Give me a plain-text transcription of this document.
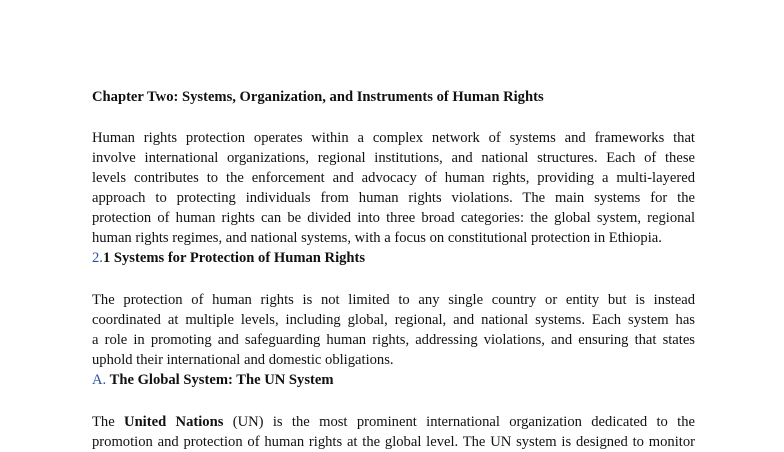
Chapter Two: Systems, Organization, and Instruments of Human Rights
Human rights protection operates within a complex network of systems and frameworks that
involve international organizations, regional institutions, and national structures. Each of these
levels contributes to the enforcement and advocacy of human rights, providing a multi-layered
approach to protecting individuals from human rights violations. The main systems for the
protection of human rights can be divided into three broad categories: the global system, regional
human rights regimes, and national systems, with a focus on constitutional protection in Ethiopia.
2.1 Systems for Protection of Human Rights
The protection of human rights is not limited to any single country or entity but is instead
coordinated at multiple levels, including global, regional, and national systems. Each system has
a role in promoting and safeguarding human rights, addressing violations, and ensuring that states
uphold their international and domestic obligations.
A. The Global System: The UN System
The United Nations (UN) is the most prominent international organization dedicated to the
promotion and protection of human rights at the global level. The UN system is designed to monitor
